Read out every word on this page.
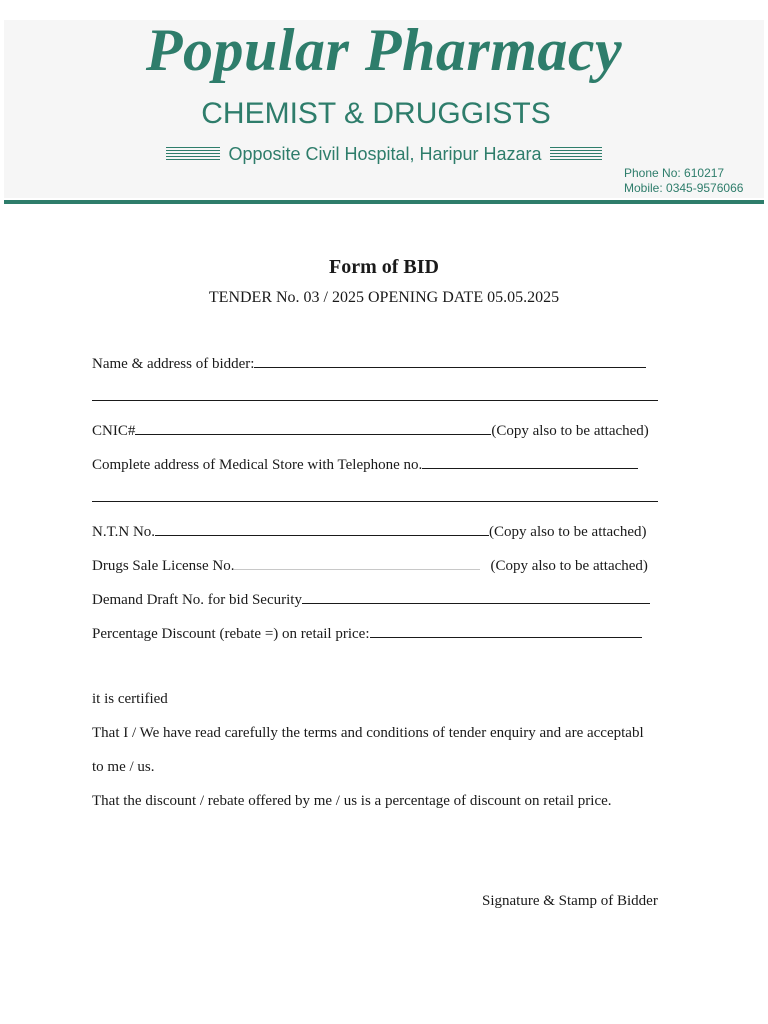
Popular Pharmacy
CHEMIST & DRUGGISTS
Opposite Civil Hospital, Haripur Hazara
Phone No: 610217
Mobile: 0345-9576066
Form of BID
TENDER No. 03 / 2025 OPENING DATE 05.05.2025
Name & address of bidder:
CNIC#	(Copy also to be attached)
Complete address of Medical Store with Telephone no.
N.T.N No.	(Copy also to be attached)
Drugs Sale License No.	(Copy also to be attached)
Demand Draft No. for bid Security
Percentage Discount (rebate =) on retail price:
it is certified
That I / We have read carefully the terms and conditions of tender enquiry and are acceptabl
to me / us.
That the discount / rebate offered by me / us is a percentage of discount on retail price.
Signature & Stamp of Bidder
